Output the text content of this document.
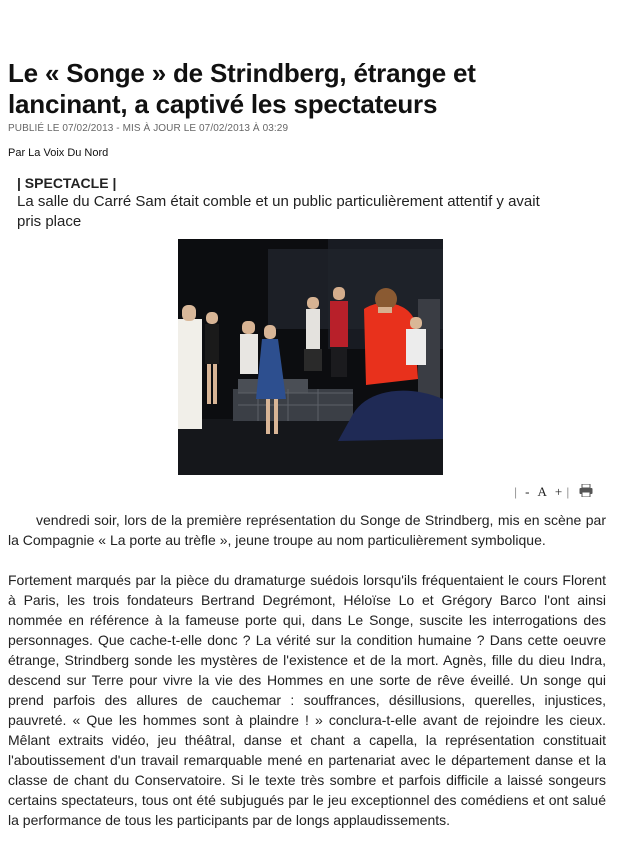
Le « Songe » de Strindberg, étrange et
lancinant, a captivé les spectateurs
PUBLIÉ LE 07/02/2013 - MIS À JOUR LE 07/02/2013 À 03:29
Par La Voix Du Nord
| SPECTACLE |

La salle du Carré Sam était comble et un public particulièrement attentif y avait
pris place

| - A + |

vendredi soir, lors de la première représentation du Songe de Strindberg, mis en scène par la Compagnie « La porte au trèfle », jeune troupe au nom particulièrement symbolique.

Fortement marqués par la pièce du dramaturge suédois lorsqu'ils fréquentaient le cours Florent à Paris, les trois fondateurs Bertrand Degrémont, Héloïse Lo et Grégory Barco l'ont ainsi nommée en référence à la fameuse porte qui, dans Le Songe, suscite les interrogations des personnages. Que cache-t-elle donc ? La vérité sur la condition humaine ? Dans cette oeuvre étrange, Strindberg sonde les mystères de l'existence et de la mort. Agnès, fille du dieu Indra, descend sur Terre pour vivre la vie des Hommes en une sorte de rêve éveillé. Un songe qui prend parfois des allures de cauchemar : souffrances, désillusions, querelles, injustices, pauvreté. « Que les hommes sont à plaindre ! » conclura-t-elle avant de rejoindre les cieux. Mêlant extraits vidéo, jeu théâtral, danse et chant a capella, la représentation constituait l'aboutissement d'un travail remarquable mené en partenariat avec le département danse et la classe de chant du Conservatoire. Si le texte très sombre et parfois difficile a laissé songeurs certains spectateurs, tous ont été subjugués par le jeu exceptionnel des comédiens et ont salué la performance de tous les participants par de longs applaudissements.
